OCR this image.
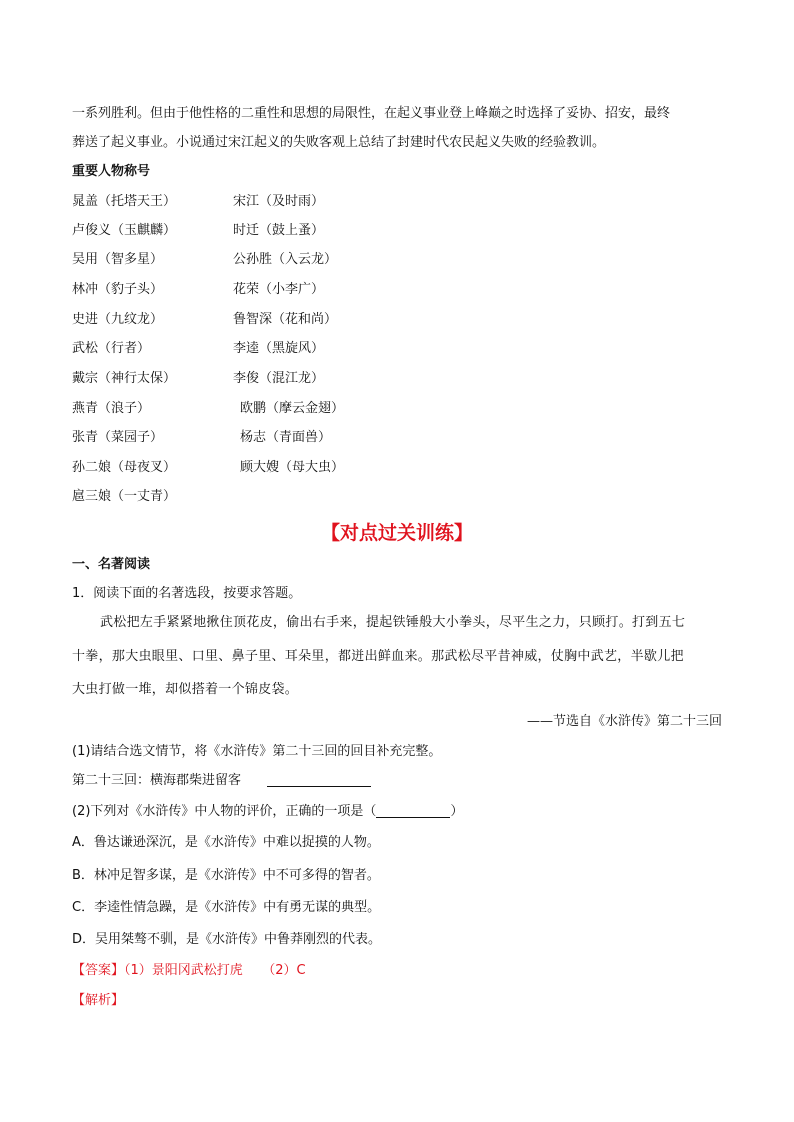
一系列胜利。但由于他性格的二重性和思想的局限性，在起义事业登上峰巅之时选择了妥协、招安，最终
葬送了起义事业。小说通过宋江起义的失败客观上总结了封建时代农民起义失败的经验教训。
重要人物称号
晁盖（托塔天王）
卢俊义（玉麒麟）
吴用（智多星）
林冲（豹子头）
史进（九纹龙）
武松（行者）
戴宗（神行太保）
燕青（浪子）
张青（菜园子）
孙二娘（母夜叉）
扈三娘（一丈青）
宋江（及时雨）
时迁（鼓上蚤）
公孙胜（入云龙）
花荣（小李广）
鲁智深（花和尚）
李逵（黑旋风）
李俊（混江龙）
欧鹏（摩云金翅）
杨志（青面兽）
顾大嫂（母大虫）
【对点过关训练】
一、名著阅读
1．阅读下面的名著选段，按要求答题。
武松把左手紧紧地揪住顶花皮，偷出右手来，提起铁锤般大小拳头，尽平生之力，只顾打。打到五七
十拳，那大虫眼里、口里、鼻子里、耳朵里，都迸出鲜血来。那武松尽平昔神威，仗胸中武艺，半歇儿把
大虫打做一堆，却似搭着一个锦皮袋。
——节选自《水浒传》第二十三回
(1)请结合选文情节，将《水浒传》第二十三回的回目补充完整。
第二十三回：横海郡柴进留客
(2)下列对《水浒传》中人物的评价，正确的一项是（	）
A．鲁达谦逊深沉，是《水浒传》中难以捉摸的人物。
B．林冲足智多谋，是《水浒传》中不可多得的智者。
C．李逵性情急躁，是《水浒传》中有勇无谋的典型。
D．吴用桀骜不驯，是《水浒传》中鲁莽刚烈的代表。
【答案】（1）景阳冈武松打虎　　（2）C
【解析】
